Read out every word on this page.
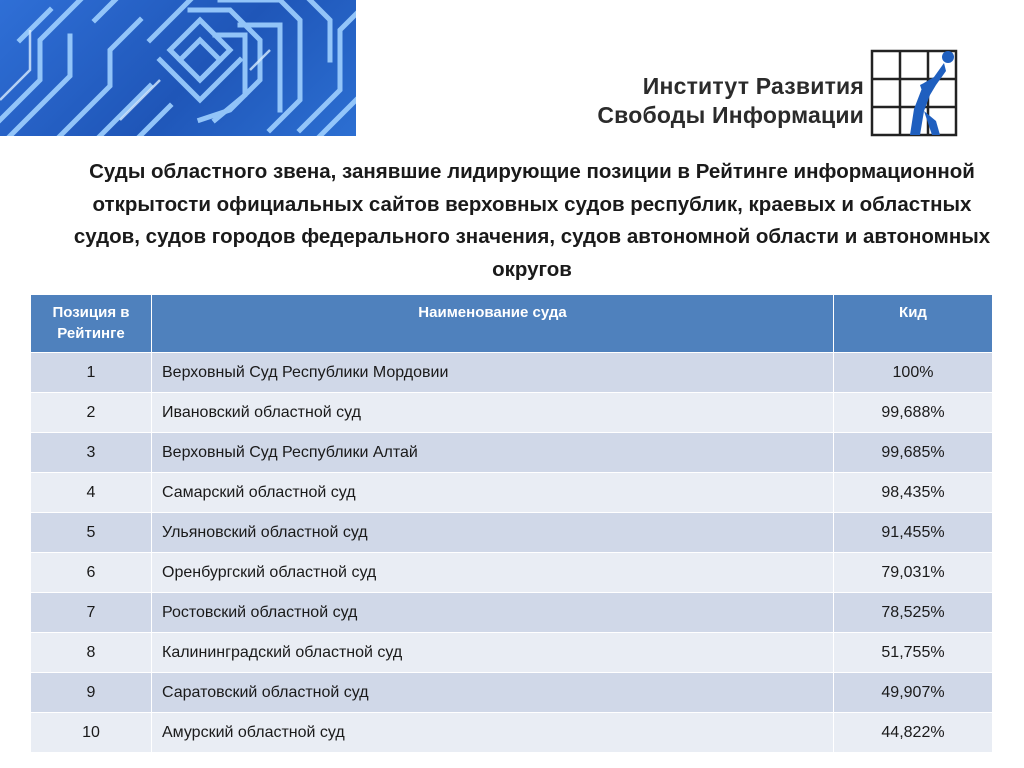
Институт Развития
Свободы Информации
Суды областного звена, занявшие лидирующие позиции в Рейтинге информационной открытости официальных сайтов верховных судов республик, краевых и областных судов, судов городов федерального значения, судов автономной области и автономных округов
Позиция в Рейтинге	Наименование суда	Кид
1	Верховный Суд Республики Мордовии	100%
2	Ивановский областной суд	99,688%
3	Верховный Суд Республики Алтай	99,685%
4	Самарский областной суд	98,435%
5	Ульяновский областной суд	91,455%
6	Оренбургский областной суд	79,031%
7	Ростовский областной суд	78,525%
8	Калининградский областной суд	51,755%
9	Саратовский областной суд	49,907%
10	Амурский областной суд	44,822%
